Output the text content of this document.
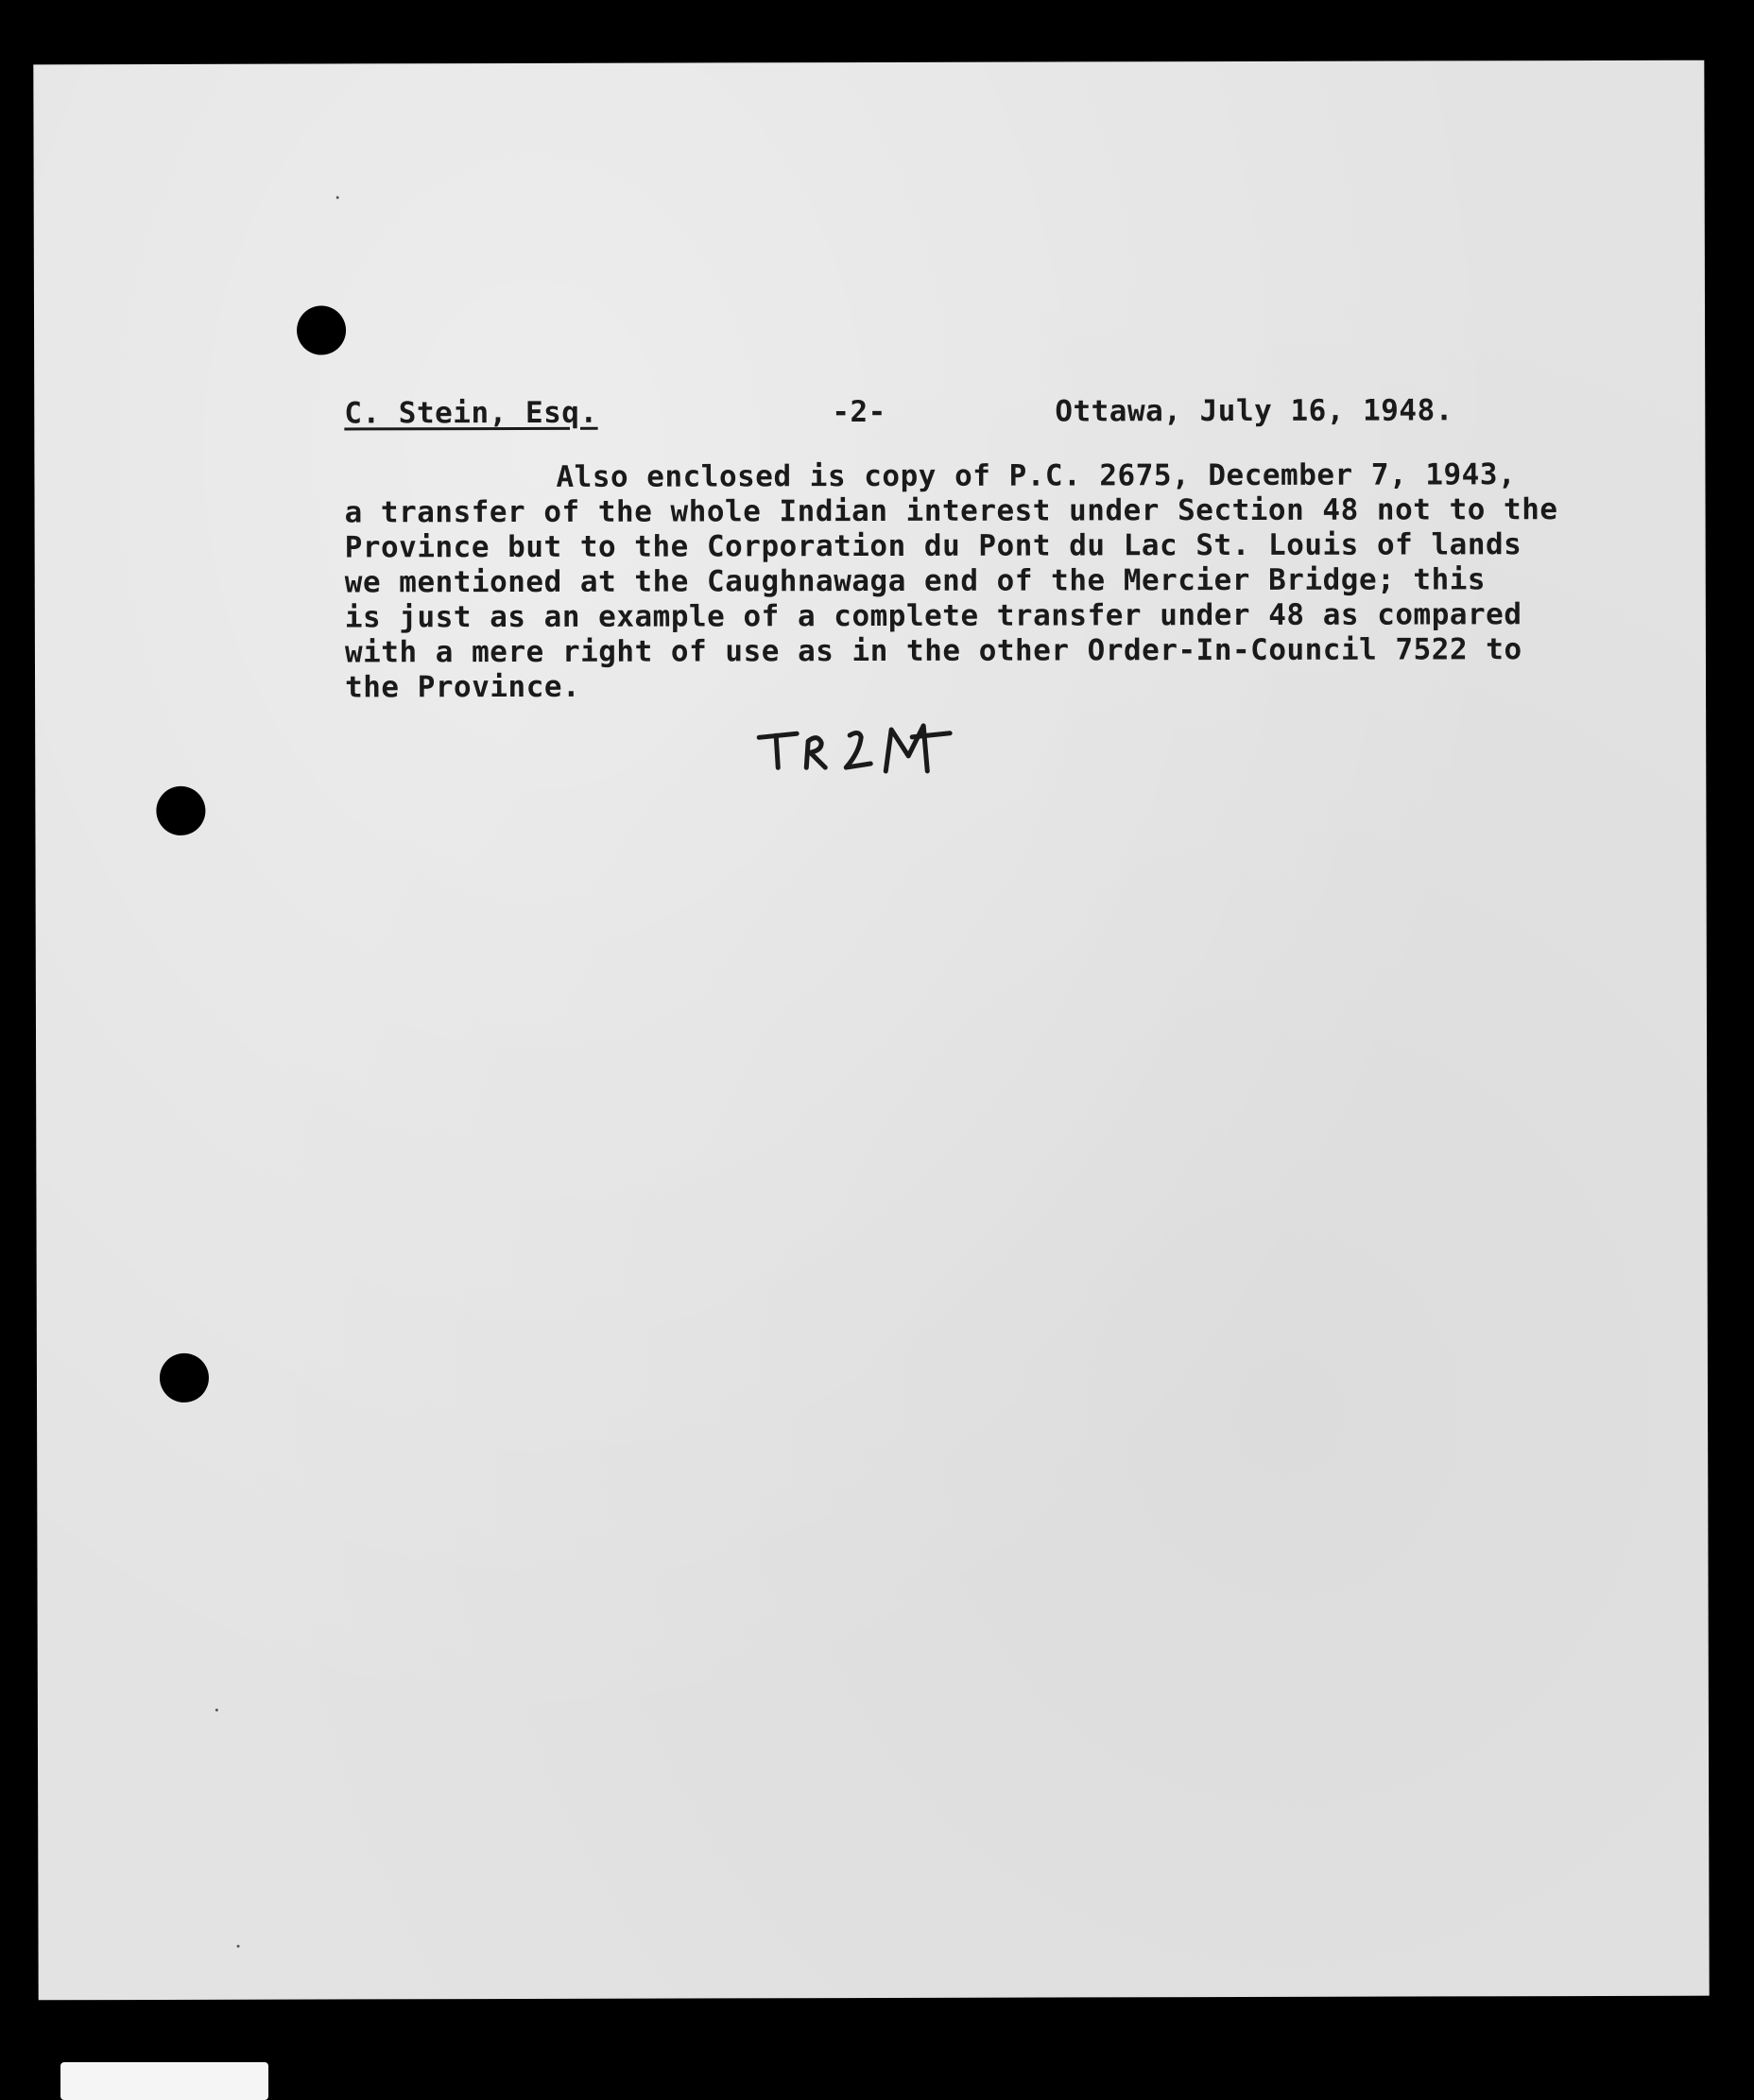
C. Stein, Esq.	-2-	Ottawa, July 16, 1948.
Also enclosed is copy of P.C. 2675, December 7, 1943,
a transfer of the whole Indian interest under Section 48 not to the
Province but to the Corporation du Pont du Lac St. Louis of lands
we mentioned at the Caughnawaga end of the Mercier Bridge; this
is just as an example of a complete transfer under 48 as compared
with a mere right of use as in the other Order-In-Council 7522 to
the Province.
